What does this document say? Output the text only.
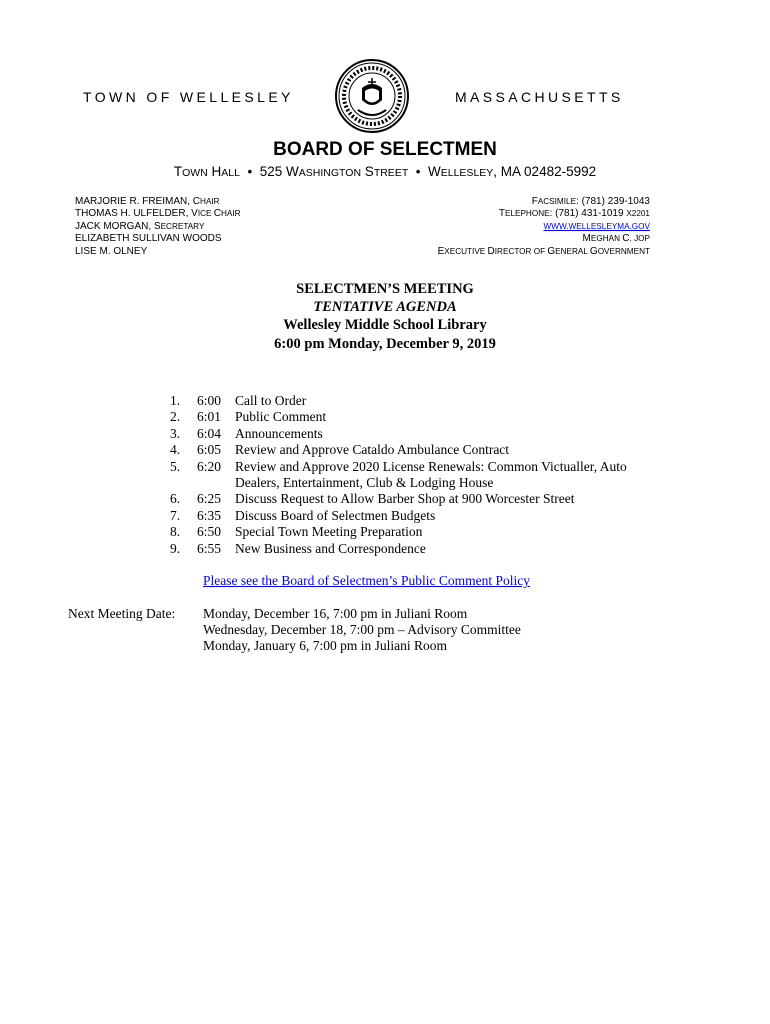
TOWN OF WELLESLEY	MASSACHUSETTS
BOARD OF SELECTMEN
TOWN HALL • 525 WASHINGTON STREET • WELLESLEY, MA 02482-5992
MARJORIE R. FREIMAN, CHAIR
THOMAS H. ULFELDER, VICE CHAIR
JACK MORGAN, SECRETARY
ELIZABETH SULLIVAN WOODS
LISE M. OLNEY
FACSIMILE: (781) 239-1043
TELEPHONE: (781) 431-1019 X2201
WWW.WELLESLEYMA.GOV
MEGHAN C. JOP
EXECUTIVE DIRECTOR OF GENERAL GOVERNMENT
SELECTMEN’S MEETING
TENTATIVE AGENDA
Wellesley Middle School Library
6:00 pm Monday, December 9, 2019
1.	6:00	Call to Order
2.	6:01	Public Comment
3.	6:04	Announcements
4.	6:05	Review and Approve Cataldo Ambulance Contract
5.	6:20	Review and Approve 2020 License Renewals: Common Victualler, Auto Dealers, Entertainment, Club & Lodging House
6.	6:25	Discuss Request to Allow Barber Shop at 900 Worcester Street
7.	6:35	Discuss Board of Selectmen Budgets
8.	6:50	Special Town Meeting Preparation
9.	6:55	New Business and Correspondence
Please see the Board of Selectmen’s Public Comment Policy
Next Meeting Date: Monday, December 16, 7:00 pm in Juliani Room
Wednesday, December 18, 7:00 pm – Advisory Committee
Monday, January 6, 7:00 pm in Juliani Room
